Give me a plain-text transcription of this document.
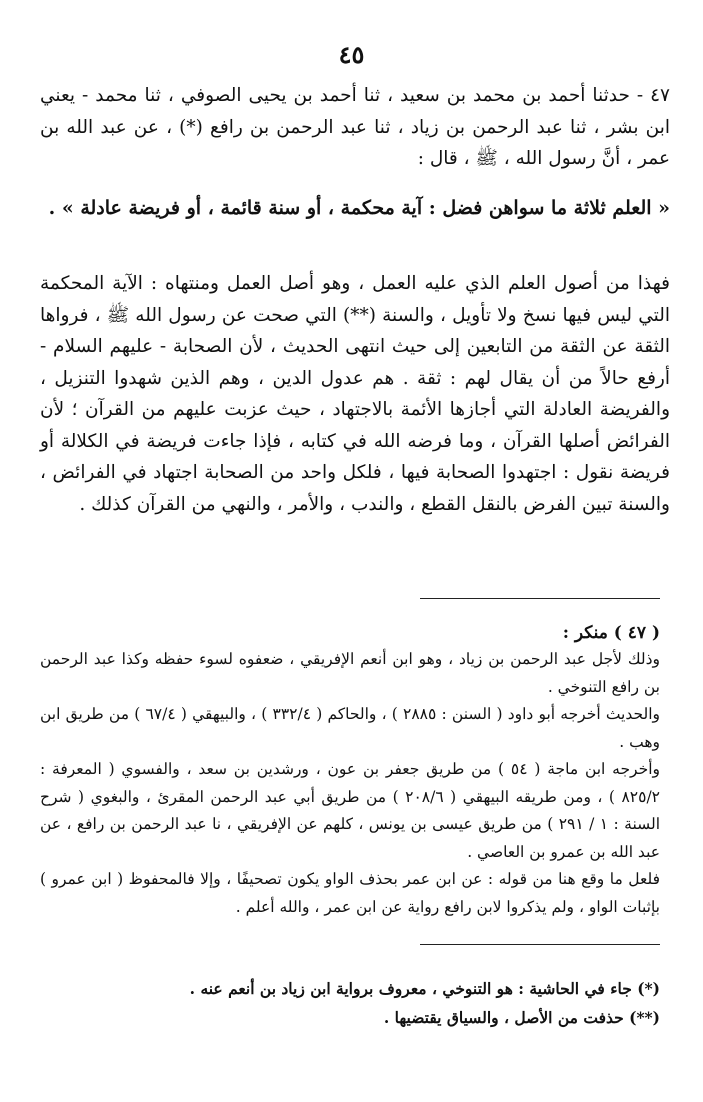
٤٥
٤٧ - حدثنا أحمد بن محمد بن سعيد ، ثنا أحمد بن يحيى الصوفي ، ثنا محمد - يعني ابن بشر ، ثنا عبد الرحمن بن زياد ، ثنا عبد الرحمن بن رافع (*) ، عن عبد الله بن عمر ، أنَّ رسول الله ، ﷺ ، قال :
« العلم ثلاثة ما سواهن فضل : آية محكمة ، أو سنة قائمة ، أو فريضة عادلة » .
فهذا من أصول العلم الذي عليه العمل ، وهو أصل العمل ومنتهاه : الآية المحكمة التي ليس فيها نسخ ولا تأويل ، والسنة (**) التي صحت عن رسول الله ﷺ ، فرواها الثقة عن الثقة من التابعين إلى حيث انتهى الحديث ، لأن الصحابة - عليهم السلام - أرفع حالاً من أن يقال لهم : ثقة . هم عدول الدين ، وهم الذين شهدوا التنزيل ، والفريضة العادلة التي أجازها الأئمة بالاجتهاد ، حيث عزبت عليهم من القرآن ؛ لأن الفرائض أصلها القرآن ، وما فرضه الله في كتابه ، فإذا جاءت فريضة في الكلالة أو فريضة نقول : اجتهدوا الصحابة فيها ، فلكل واحد من الصحابة اجتهاد في الفرائض ، والسنة تبين الفرض بالنقل القطع ، والندب ، والأمر ، والنهي من القرآن كذلك .
( ٤٧ ) منكر :

وذلك لأجل عبد الرحمن بن زياد ، وهو ابن أنعم الإفريقي ، ضعفوه لسوء حفظه وكذا عبد الرحمن بن رافع التنوخي .

والحديث أخرجه أبو داود ( السنن : ٢٨٨٥ ) ، والحاكم ( ٣٣٢/٤ ) ، والبيهقي ( ٦٧/٤ ) من طريق ابن وهب .

وأخرجه ابن ماجة ( ٥٤ ) من طريق جعفر بن عون ، ورشدين بن سعد ، والفسوي ( المعرفة : ٨٢٥/٢ ) ، ومن طريقه البيهقي ( ٢٠٨/٦ ) من طريق أبي عبد الرحمن المقرئ ، والبغوي ( شرح السنة : ١ / ٢٩١ ) من طريق عيسى بن يونس ، كلهم عن الإفريقي ، نا عبد الرحمن بن رافع ، عن عبد الله بن عمرو بن العاصي .

فلعل ما وقع هنا من قوله : عن ابن عمر بحذف الواو يكون تصحيفًا ، وإلا فالمحفوظ ( ابن عمرو ) بإثبات الواو ، ولم يذكروا لابن رافع رواية عن ابن عمر ، والله أعلم .

(*) جاء في الحاشية : هو التنوخي ، معروف برواية ابن زياد بن أنعم عنه .

(**) حذفت من الأصل ، والسياق يقتضيها .
